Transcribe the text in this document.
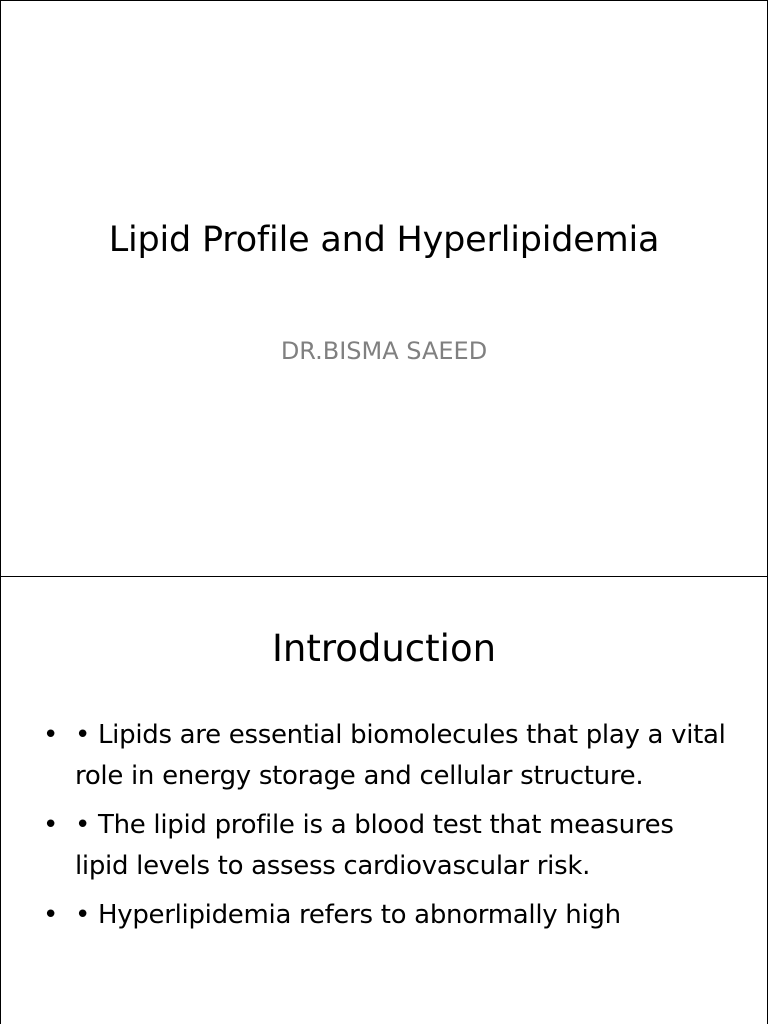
Lipid Profile and Hyperlipidemia

DR.BISMA SAEED

Introduction
• • Lipids are essential biomolecules that play a vital role in energy storage and cellular structure.
• • The lipid profile is a blood test that measures lipid levels to assess cardiovascular risk.
• • Hyperlipidemia refers to abnormally high
